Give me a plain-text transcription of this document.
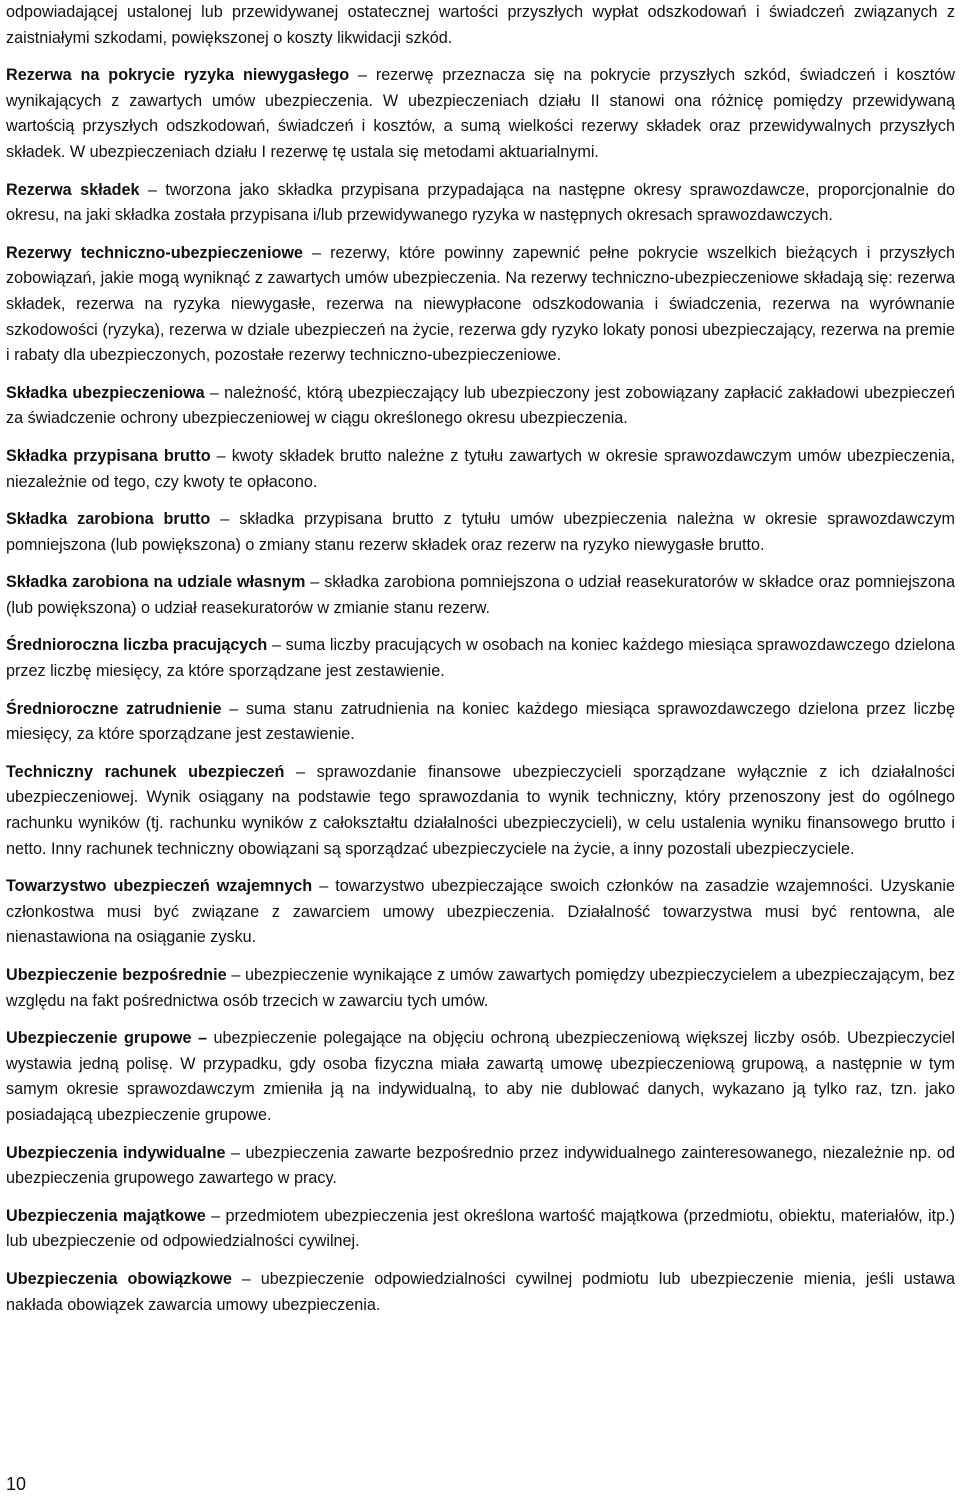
odpowiadającej ustalonej lub przewidywanej ostatecznej wartości przyszłych wypłat odszkodowań i świadczeń związanych z zaistniałymi szkodami, powiększonej o koszty likwidacji szkód.

Rezerwa na pokrycie ryzyka niewygasłego – rezerwę przeznacza się na pokrycie przyszłych szkód, świadczeń i kosztów wynikających z zawartych umów ubezpieczenia. W ubezpieczeniach działu II stanowi ona różnicę pomiędzy przewidywaną wartością przyszłych odszkodowań, świadczeń i kosztów, a sumą wielkości rezerwy składek oraz przewidywalnych przyszłych składek. W ubezpieczeniach działu I rezerwę tę ustala się metodami aktuarialnymi.

Rezerwa składek – tworzona jako składka przypisana przypadająca na następne okresy sprawozdawcze, proporcjonalnie do okresu, na jaki składka została przypisana i/lub przewidywanego ryzyka w następnych okresach sprawozdawczych.

Rezerwy techniczno-ubezpieczeniowe – rezerwy, które powinny zapewnić pełne pokrycie wszelkich bieżących i przyszłych zobowiązań, jakie mogą wyniknąć z zawartych umów ubezpieczenia. Na rezerwy techniczno-ubezpieczeniowe składają się: rezerwa składek, rezerwa na ryzyka niewygasłe, rezerwa na niewypłacone odszkodowania i świadczenia, rezerwa na wyrównanie szkodowości (ryzyka), rezerwa w dziale ubezpieczeń na życie, rezerwa gdy ryzyko lokaty ponosi ubezpieczający, rezerwa na premie i rabaty dla ubezpieczonych, pozostałe rezerwy techniczno-ubezpieczeniowe.

Składka ubezpieczeniowa – należność, którą ubezpieczający lub ubezpieczony jest zobowiązany zapłacić zakładowi ubezpieczeń za świadczenie ochrony ubezpieczeniowej w ciągu określonego okresu ubezpieczenia.

Składka przypisana brutto – kwoty składek brutto należne z tytułu zawartych w okresie sprawozdawczym umów ubezpieczenia, niezależnie od tego, czy kwoty te opłacono.

Składka zarobiona brutto – składka przypisana brutto z tytułu umów ubezpieczenia należna w okresie sprawozdawczym pomniejszona (lub powiększona) o zmiany stanu rezerw składek oraz rezerw na ryzyko niewygasłe brutto.

Składka zarobiona na udziale własnym – składka zarobiona pomniejszona o udział reasekuratorów w składce oraz pomniejszona (lub powiększona) o udział reasekuratorów w zmianie stanu rezerw.

Średnioroczna liczba pracujących – suma liczby pracujących w osobach na koniec każdego miesiąca sprawozdawczego dzielona przez liczbę miesięcy, za które sporządzane jest zestawienie.

Średnioroczne zatrudnienie – suma stanu zatrudnienia na koniec każdego miesiąca sprawozdawczego dzielona przez liczbę miesięcy, za które sporządzane jest zestawienie.

Techniczny rachunek ubezpieczeń – sprawozdanie finansowe ubezpieczycieli sporządzane wyłącznie z ich działalności ubezpieczeniowej. Wynik osiągany na podstawie tego sprawozdania to wynik techniczny, który przenoszony jest do ogólnego rachunku wyników (tj. rachunku wyników z całokształtu działalności ubezpieczycieli), w celu ustalenia wyniku finansowego brutto i netto. Inny rachunek techniczny obowiązani są sporządzać ubezpieczyciele na życie, a inny pozostali ubezpieczyciele.

Towarzystwo ubezpieczeń wzajemnych – towarzystwo ubezpieczające swoich członków na zasadzie wzajemności. Uzyskanie członkostwa musi być związane z zawarciem umowy ubezpieczenia. Działalność towarzystwa musi być rentowna, ale nienastawiona na osiąganie zysku.

Ubezpieczenie bezpośrednie – ubezpieczenie wynikające z umów zawartych pomiędzy ubezpieczycielem a ubezpieczającym, bez względu na fakt pośrednictwa osób trzecich w zawarciu tych umów.

Ubezpieczenie grupowe – ubezpieczenie polegające na objęciu ochroną ubezpieczeniową większej liczby osób. Ubezpieczyciel wystawia jedną polisę. W przypadku, gdy osoba fizyczna miała zawartą umowę ubezpieczeniową grupową, a następnie w tym samym okresie sprawozdawczym zmieniła ją na indywidualną, to aby nie dublować danych, wykazano ją tylko raz, tzn. jako posiadającą ubezpieczenie grupowe.

Ubezpieczenia indywidualne – ubezpieczenia zawarte bezpośrednio przez indywidualnego zainteresowanego, niezależnie np. od ubezpieczenia grupowego zawartego w pracy.

Ubezpieczenia majątkowe – przedmiotem ubezpieczenia jest określona wartość majątkowa (przedmiotu, obiektu, materiałów, itp.) lub ubezpieczenie od odpowiedzialności cywilnej.

Ubezpieczenia obowiązkowe – ubezpieczenie odpowiedzialności cywilnej podmiotu lub ubezpieczenie mienia, jeśli ustawa nakłada obowiązek zawarcia umowy ubezpieczenia.

10
